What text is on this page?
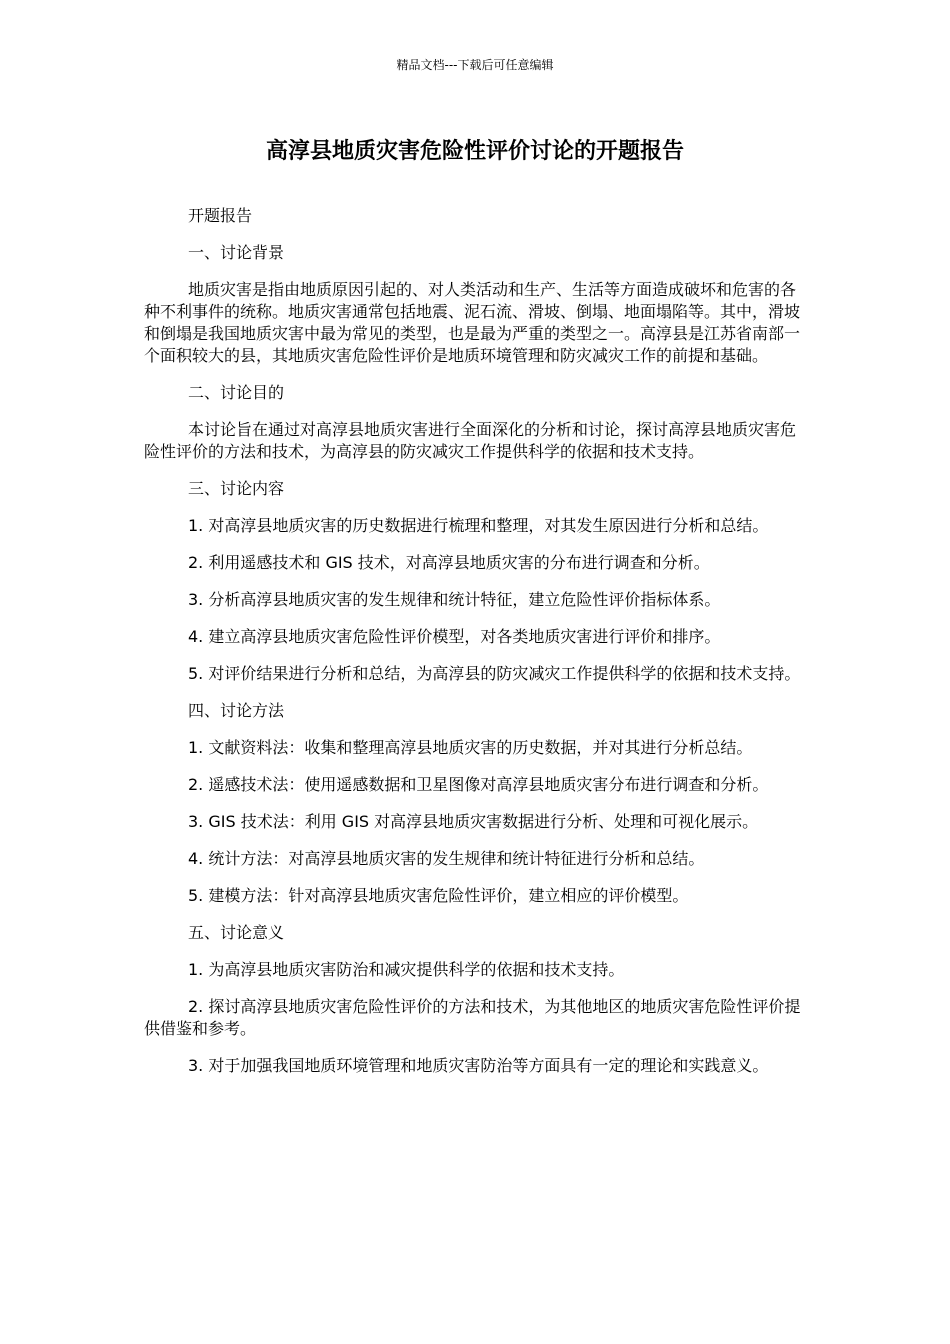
精品文档---下载后可任意编辑
高淳县地质灾害危险性评价讨论的开题报告

开题报告

一、讨论背景

地质灾害是指由地质原因引起的、对人类活动和生产、生活等方面造成破坏和危害的各种不利事件的统称。地质灾害通常包括地震、泥石流、滑坡、倒塌、地面塌陷等。其中，滑坡和倒塌是我国地质灾害中最为常见的类型，也是最为严重的类型之一。高淳县是江苏省南部一个面积较大的县，其地质灾害危险性评价是地质环境管理和防灾减灾工作的前提和基础。

二、讨论目的

本讨论旨在通过对高淳县地质灾害进行全面深化的分析和讨论，探讨高淳县地质灾害危险性评价的方法和技术，为高淳县的防灾减灾工作提供科学的依据和技术支持。

三、讨论内容

1. 对高淳县地质灾害的历史数据进行梳理和整理，对其发生原因进行分析和总结。

2. 利用遥感技术和 GIS 技术，对高淳县地质灾害的分布进行调查和分析。

3. 分析高淳县地质灾害的发生规律和统计特征，建立危险性评价指标体系。

4. 建立高淳县地质灾害危险性评价模型，对各类地质灾害进行评价和排序。

5. 对评价结果进行分析和总结，为高淳县的防灾减灾工作提供科学的依据和技术支持。

四、讨论方法

1. 文献资料法：收集和整理高淳县地质灾害的历史数据，并对其进行分析总结。

2. 遥感技术法：使用遥感数据和卫星图像对高淳县地质灾害分布进行调查和分析。

3. GIS 技术法：利用 GIS 对高淳县地质灾害数据进行分析、处理和可视化展示。

4. 统计方法：对高淳县地质灾害的发生规律和统计特征进行分析和总结。

5. 建模方法：针对高淳县地质灾害危险性评价，建立相应的评价模型。

五、讨论意义

1. 为高淳县地质灾害防治和减灾提供科学的依据和技术支持。

2. 探讨高淳县地质灾害危险性评价的方法和技术，为其他地区的地质灾害危险性评价提供借鉴和参考。

3. 对于加强我国地质环境管理和地质灾害防治等方面具有一定的理论和实践意义。
